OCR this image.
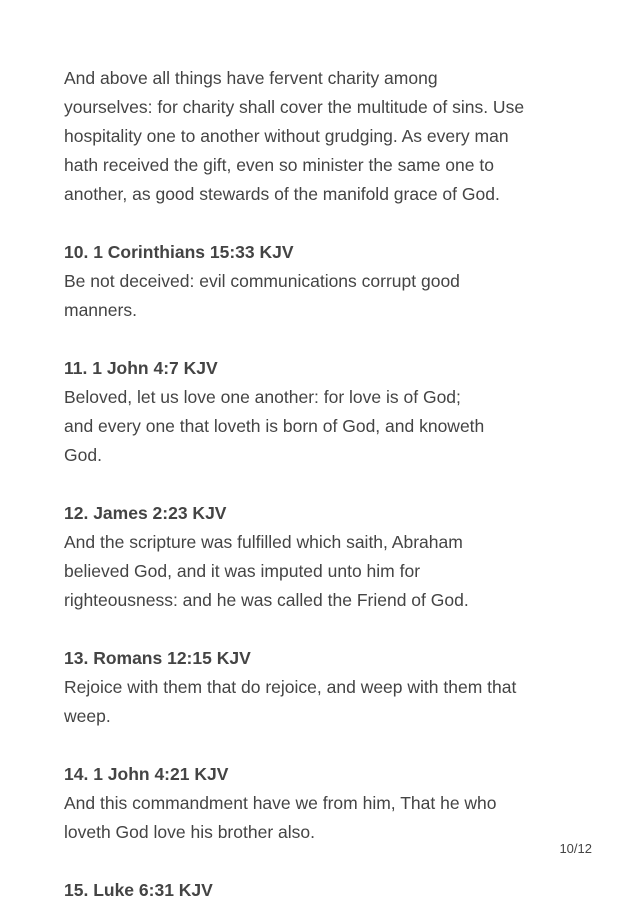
And above all things have fervent charity among
yourselves: for charity shall cover the multitude of sins. Use
hospitality one to another without grudging. As every man
hath received the gift, even so minister the same one to
another, as good stewards of the manifold grace of God.
10. 1 Corinthians 15:33 KJV
Be not deceived: evil communications corrupt good
manners.
11. 1 John 4:7 KJV
Beloved, let us love one another: for love is of God;
and every one that loveth is born of God, and knoweth
God.
12. James 2:23 KJV
And the scripture was fulfilled which saith, Abraham
believed God, and it was imputed unto him for
righteousness: and he was called the Friend of God.
13. Romans 12:15 KJV
Rejoice with them that do rejoice, and weep with them that
weep.
14. 1 John 4:21 KJV
And this commandment have we from him, That he who
loveth God love his brother also.
15. Luke 6:31 KJV
10/12
